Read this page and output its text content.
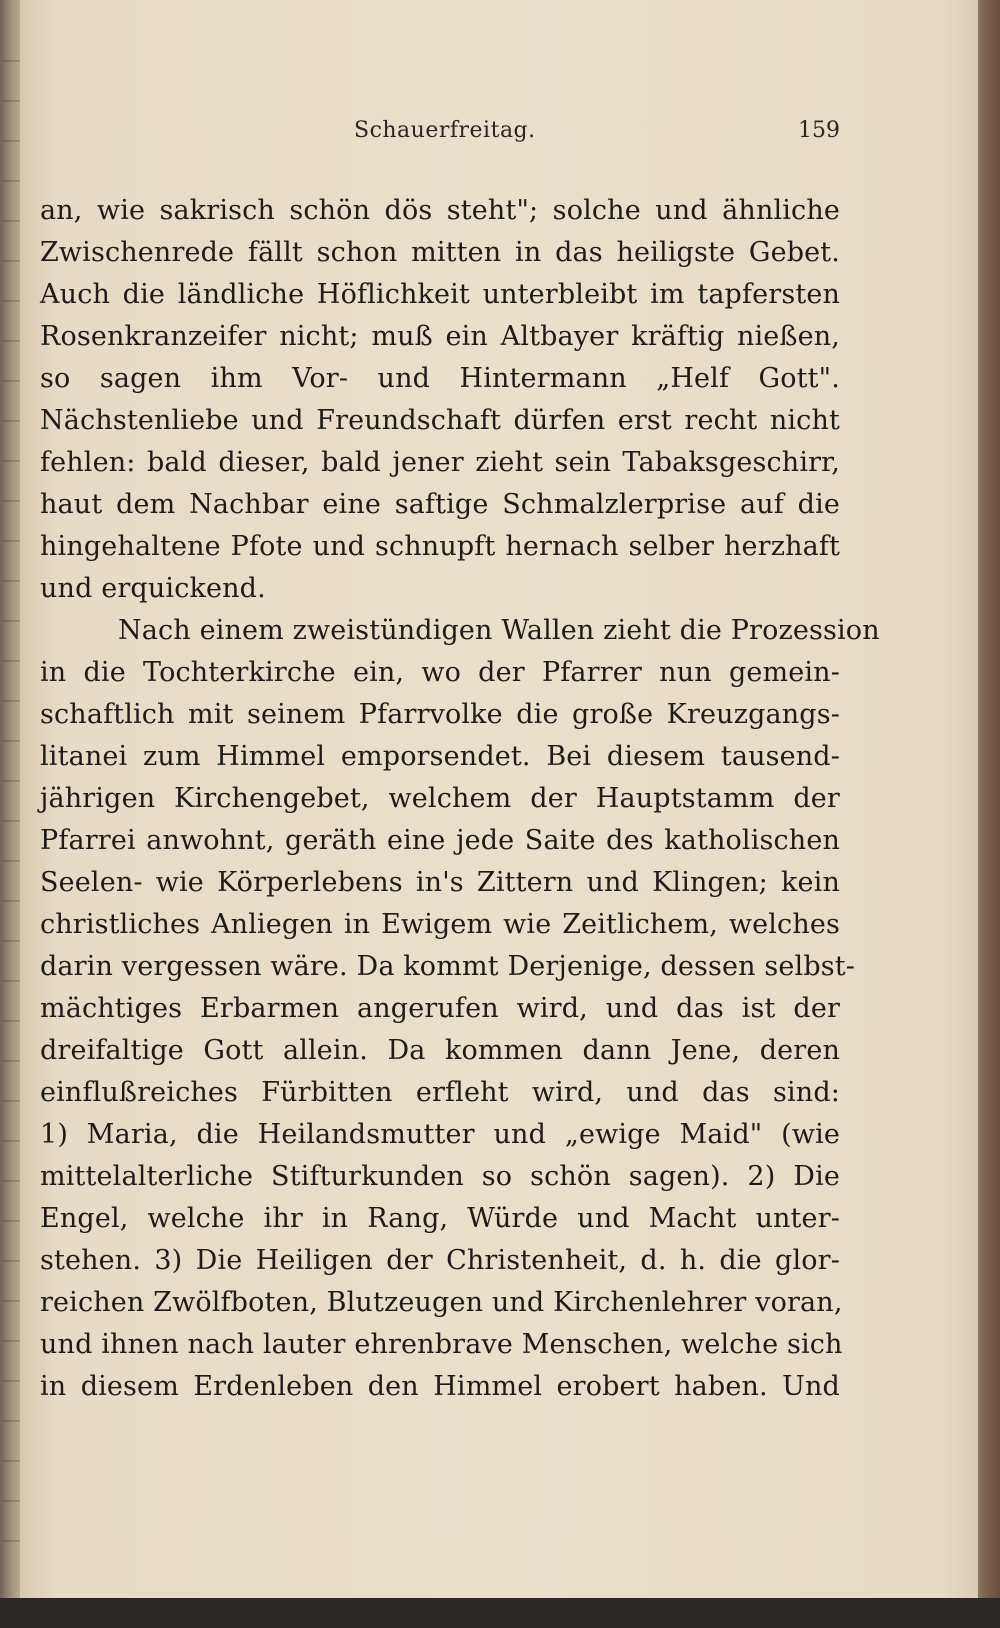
Schauerfreitag.	159
an, wie sakrisch schön dös steht"; solche und ähnliche
Zwischenrede fällt schon mitten in das heiligste Gebet.
Auch die ländliche Höflichkeit unterbleibt im tapfersten
Rosenkranzeifer nicht; muß ein Altbayer kräftig nießen,
so sagen ihm Vor- und Hintermann „Helf Gott".
Nächstenliebe und Freundschaft dürfen erst recht nicht
fehlen: bald dieser, bald jener zieht sein Tabaksgeschirr,
haut dem Nachbar eine saftige Schmalzlerprise auf die
hingehaltene Pfote und schnupft hernach selber herzhaft
und erquickend.
Nach einem zweistündigen Wallen zieht die Prozession
in die Tochterkirche ein, wo der Pfarrer nun gemein-
schaftlich mit seinem Pfarrvolke die große Kreuzgangs-
litanei zum Himmel emporsendet. Bei diesem tausend-
jährigen Kirchengebet, welchem der Hauptstamm der
Pfarrei anwohnt, geräth eine jede Saite des katholischen
Seelen- wie Körperlebens in's Zittern und Klingen; kein
christliches Anliegen in Ewigem wie Zeitlichem, welches
darin vergessen wäre. Da kommt Derjenige, dessen selbst-
mächtiges Erbarmen angerufen wird, und das ist der
dreifaltige Gott allein. Da kommen dann Jene, deren
einflußreiches Fürbitten erfleht wird, und das sind:
1) Maria, die Heilandsmutter und „ewige Maid" (wie
mittelalterliche Stifturkunden so schön sagen). 2) Die
Engel, welche ihr in Rang, Würde und Macht unter-
stehen. 3) Die Heiligen der Christenheit, d. h. die glor-
reichen Zwölfboten, Blutzeugen und Kirchenlehrer voran,
und ihnen nach lauter ehrenbrave Menschen, welche sich
in diesem Erdenleben den Himmel erobert haben. Und
